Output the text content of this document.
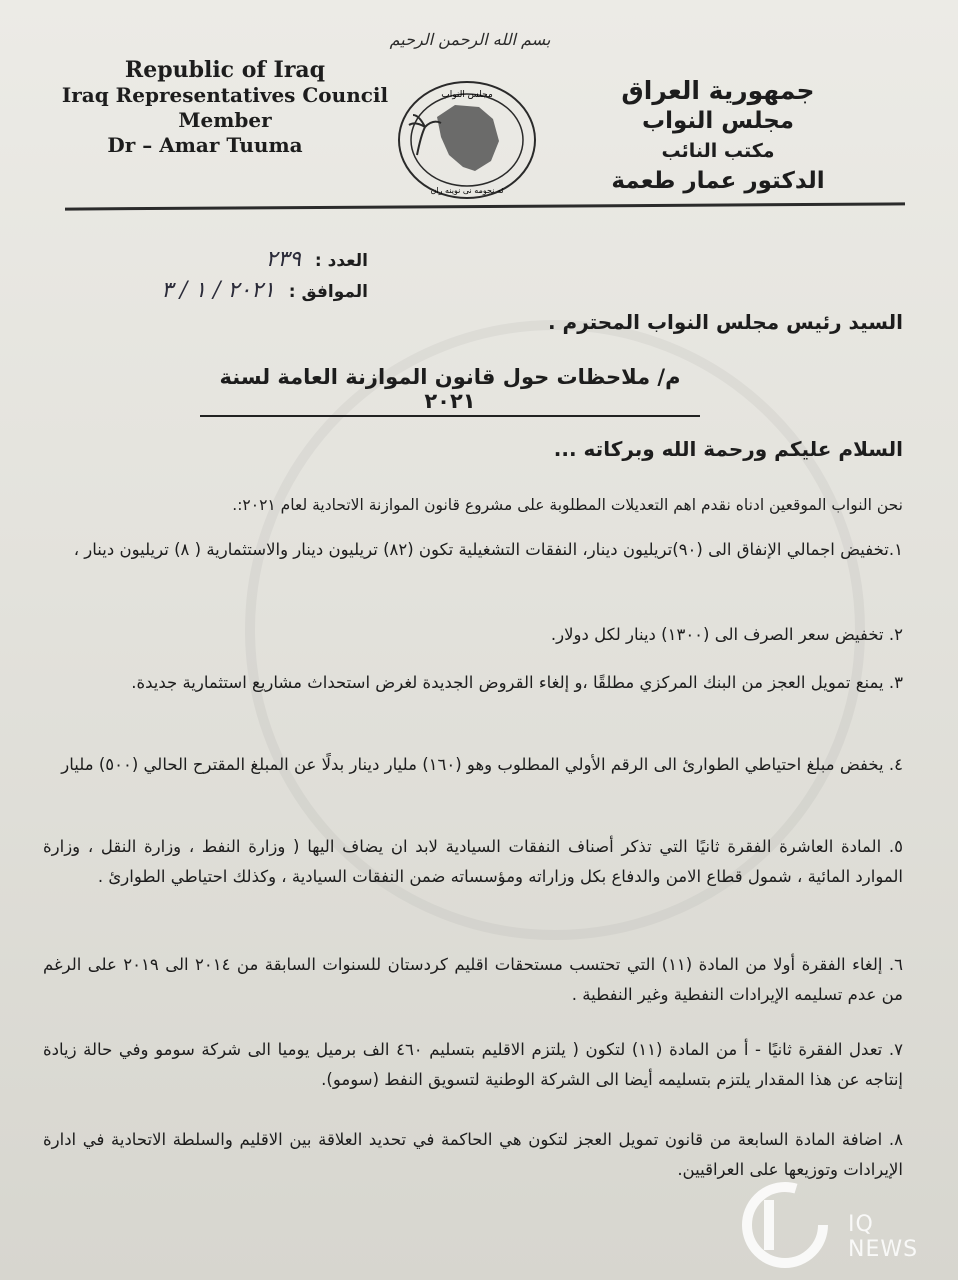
بسم الله الرحمن الرحيم
Republic of Iraq
Iraq Representatives Council
Member
Dr – Amar Tuuma
مجلس النواب
ئه نجومه نى نوينه ران
جمهورية العراق
مجلس النواب
مكتب النائب
الدكتور عمار طعمة
العدد : ٢٣٩
الموافق : ٢٠٢١ / ١ / ٣
السيد رئيس مجلس النواب المحترم .
م/ ملاحظات حول قانون الموازنة العامة لسنة ٢٠٢١
السلام عليكم ورحمة الله وبركاته ...
نحن النواب الموقعين ادناه نقدم اهم التعديلات المطلوبة على مشروع قانون الموازنة الاتحادية لعام ٢٠٢١:.
١.تخفيض اجمالي الإنفاق الى (٩٠)تريليون دينار، النفقات التشغيلية تكون (٨٢) تريليون دينار والاستثمارية ( ٨) تريليون دينار ،
٢. تخفيض سعر الصرف الى (١٣٠٠) دينار لكل دولار.
٣. يمنع تمويل العجز من البنك المركزي مطلقًا ،و إلغاء القروض الجديدة لغرض استحداث مشاريع استثمارية جديدة.
٤. يخفض مبلغ احتياطي الطوارئ الى الرقم الأولي المطلوب وهو (١٦٠) مليار دينار بدلًا عن المبلغ المقترح الحالي (٥٠٠) مليار
٥. المادة العاشرة الفقرة ثانيًا التي تذكر أصناف النفقات السيادية لابد ان يضاف اليها ( وزارة النفط ، وزارة النقل ، وزارة الموارد المائية ، شمول قطاع الامن والدفاع بكل وزاراته ومؤسساته ضمن النفقات السيادية ، وكذلك احتياطي الطوارئ .
٦. إلغاء الفقرة أولا من المادة (١١) التي تحتسب مستحقات اقليم كردستان للسنوات السابقة من ٢٠١٤ الى ٢٠١٩ على الرغم من عدم تسليمه الإيرادات النفطية وغير النفطية .
٧. تعدل الفقرة ثانيًا - أ من المادة (١١) لتكون ( يلتزم الاقليم بتسليم ٤٦٠ الف برميل يوميا الى شركة سومو وفي حالة زيادة إنتاجه عن هذا المقدار يلتزم بتسليمه أيضا الى الشركة الوطنية لتسويق النفط (سومو).
٨. اضافة المادة السابعة من قانون تمويل العجز لتكون هي الحاكمة في تحديد العلاقة بين الاقليم والسلطة الاتحادية في ادارة الإيرادات وتوزيعها على العراقيين.
IQ NEWS
